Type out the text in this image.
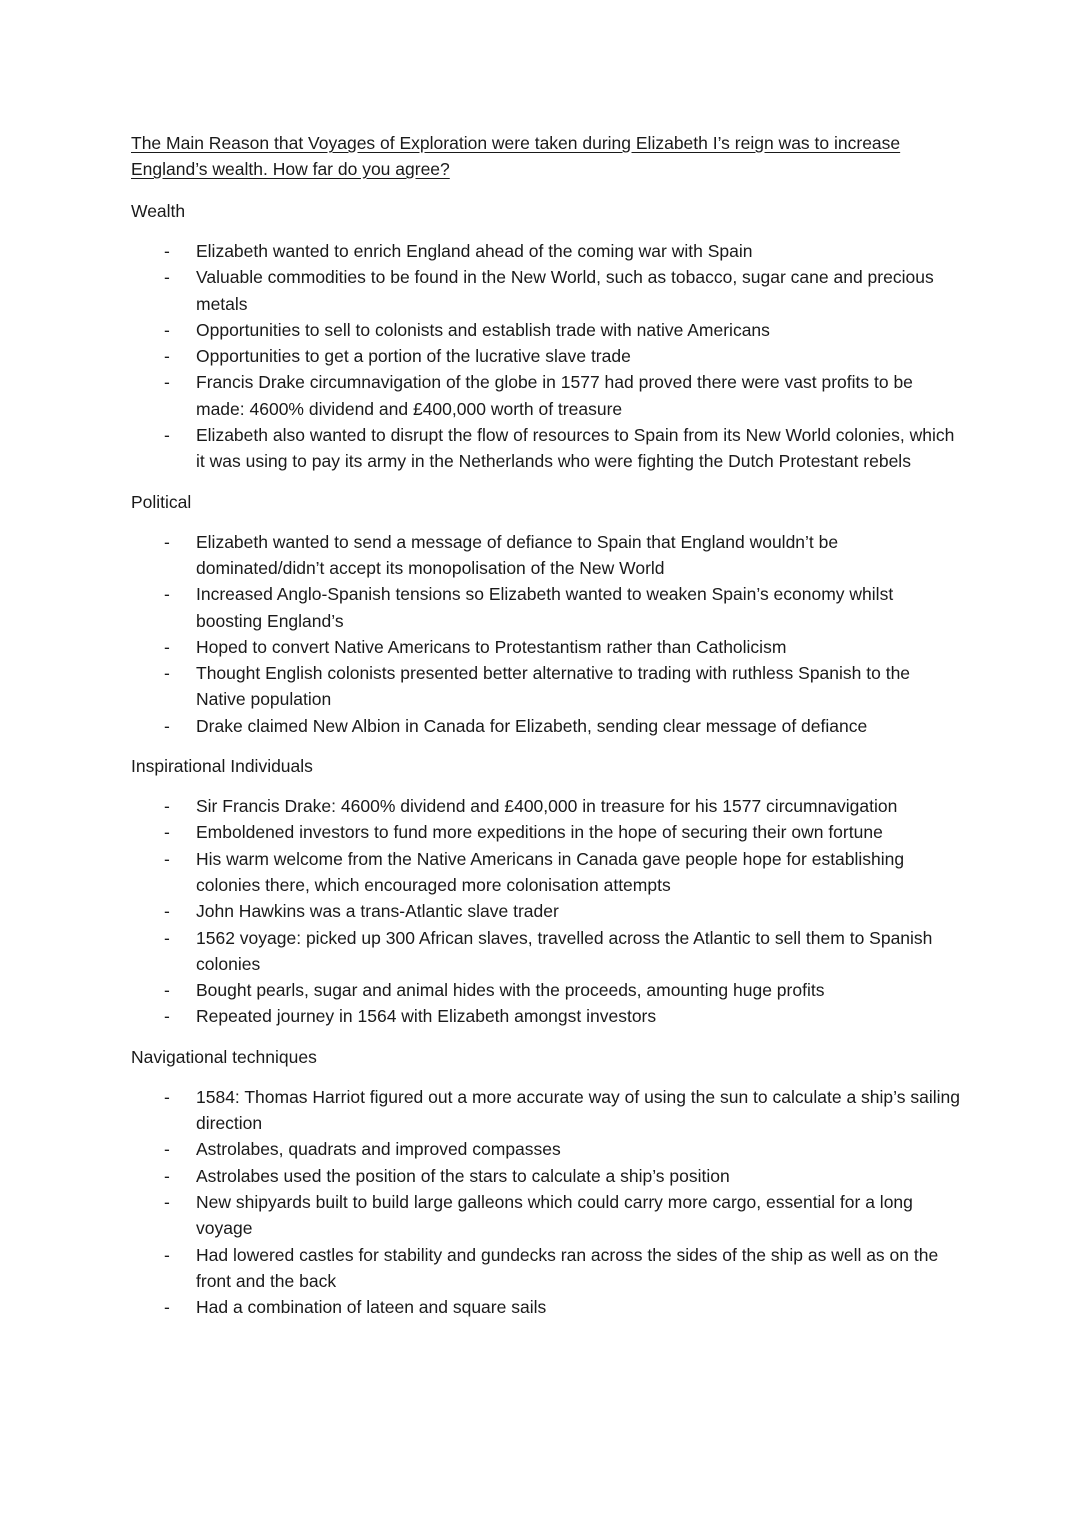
The Main Reason that Voyages of Exploration were taken during Elizabeth I’s reign was to increase England’s wealth. How far do you agree?
Wealth
- Elizabeth wanted to enrich England ahead of the coming war with Spain
- Valuable commodities to be found in the New World, such as tobacco, sugar cane and precious metals
- Opportunities to sell to colonists and establish trade with native Americans
- Opportunities to get a portion of the lucrative slave trade
- Francis Drake circumnavigation of the globe in 1577 had proved there were vast profits to be made: 4600% dividend and £400,000 worth of treasure
- Elizabeth also wanted to disrupt the flow of resources to Spain from its New World colonies, which it was using to pay its army in the Netherlands who were fighting the Dutch Protestant rebels
Political
- Elizabeth wanted to send a message of defiance to Spain that England wouldn’t be dominated/didn’t accept its monopolisation of the New World
- Increased Anglo-Spanish tensions so Elizabeth wanted to weaken Spain’s economy whilst boosting England’s
- Hoped to convert Native Americans to Protestantism rather than Catholicism
- Thought English colonists presented better alternative to trading with ruthless Spanish to the Native population
- Drake claimed New Albion in Canada for Elizabeth, sending clear message of defiance
Inspirational Individuals
- Sir Francis Drake: 4600% dividend and £400,000 in treasure for his 1577 circumnavigation
- Emboldened investors to fund more expeditions in the hope of securing their own fortune
- His warm welcome from the Native Americans in Canada gave people hope for establishing colonies there, which encouraged more colonisation attempts
- John Hawkins was a trans-Atlantic slave trader
- 1562 voyage: picked up 300 African slaves, travelled across the Atlantic to sell them to Spanish colonies
- Bought pearls, sugar and animal hides with the proceeds, amounting huge profits
- Repeated journey in 1564 with Elizabeth amongst investors
Navigational techniques
- 1584: Thomas Harriot figured out a more accurate way of using the sun to calculate a ship’s sailing direction
- Astrolabes, quadrats and improved compasses
- Astrolabes used the position of the stars to calculate a ship’s position
- New shipyards built to build large galleons which could carry more cargo, essential for a long voyage
- Had lowered castles for stability and gundecks ran across the sides of the ship as well as on the front and the back
- Had a combination of lateen and square sails
